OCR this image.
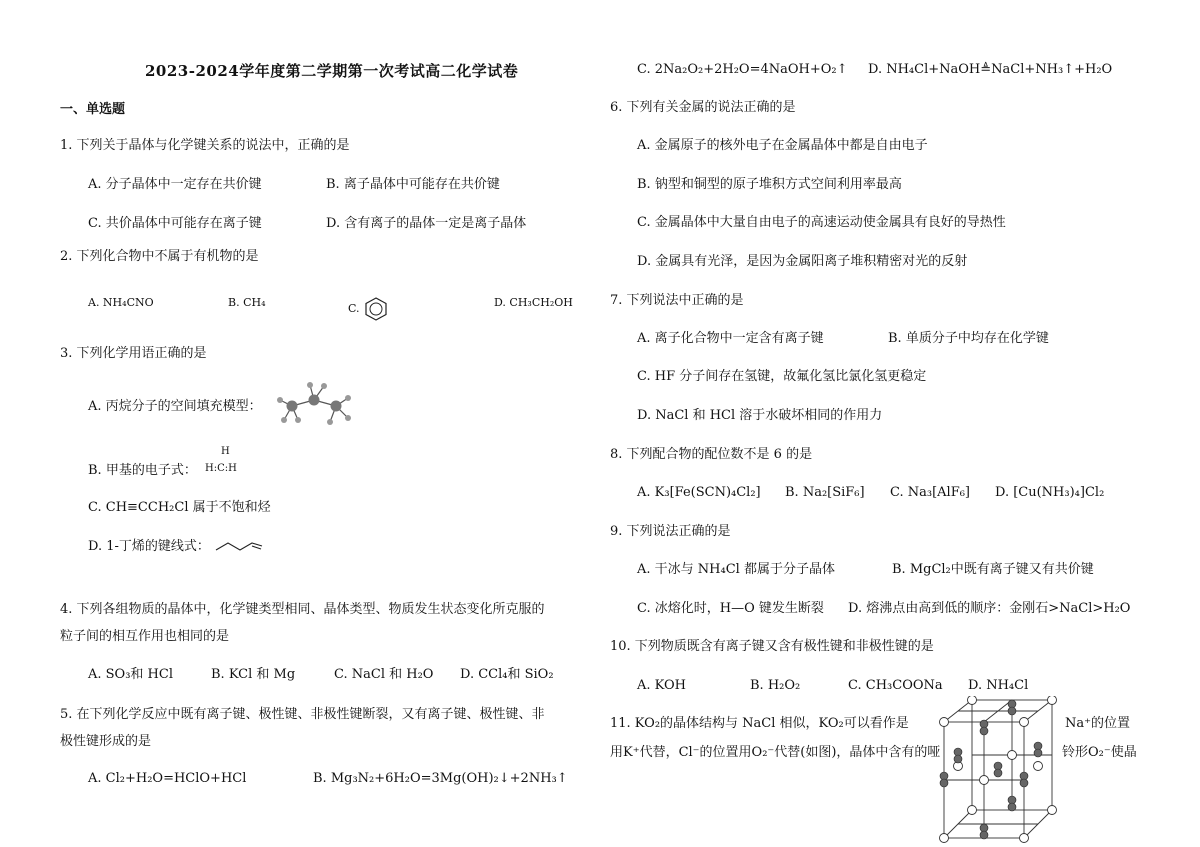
2023-2024学年度第二学期第一次考试高二化学试卷
一、单选题
1. 下列关于晶体与化学键关系的说法中，正确的是
A. 分子晶体中一定存在共价键	B. 离子晶体中可能存在共价键
C. 共价晶体中可能存在离子键	D. 含有离子的晶体一定是离子晶体
2. 下列化合物中不属于有机物的是
A. NH₄CNO	B. CH₄	C.	D. CH₃CH₂OH
3. 下列化学用语正确的是
A. 丙烷分子的空间填充模型：
B. 甲基的电子式：
H
H:C:H
C. CH≡CCH₂Cl 属于不饱和烃
D. 1-丁烯的键线式：
4. 下列各组物质的晶体中，化学键类型相同、晶体类型、物质发生状态变化所克服的
粒子间的相互作用也相同的是
A. SO₃和 HCl	B. KCl 和 Mg	C. NaCl 和 H₂O D. CCl₄和 SiO₂
5. 在下列化学反应中既有离子键、极性键、非极性键断裂，又有离子键、极性键、非
极性键形成的是
A. Cl₂+H₂O=HClO+HCl	B. Mg₃N₂+6H₂O=3Mg(OH)₂↓+2NH₃↑
C. 2Na₂O₂+2H₂O=4NaOH+O₂↑ D. NH₄Cl+NaOH≜NaCl+NH₃↑+H₂O
6. 下列有关金属的说法正确的是
A. 金属原子的核外电子在金属晶体中都是自由电子
B. 钠型和铜型的原子堆积方式空间利用率最高
C. 金属晶体中大量自由电子的高速运动使金属具有良好的导热性
D. 金属具有光泽，是因为金属阳离子堆积精密对光的反射
7. 下列说法中正确的是
A. 离子化合物中一定含有离子键	B. 单质分子中均存在化学键
C. HF 分子间存在氢键，故氟化氢比氯化氢更稳定
D. NaCl 和 HCl 溶于水破坏相同的作用力
8. 下列配合物的配位数不是 6 的是
A. K₃[Fe(SCN)₄Cl₂] B. Na₂[SiF₆] C. Na₃[AlF₆] D. [Cu(NH₃)₄]Cl₂
9. 下列说法正确的是
A. 干冰与 NH₄Cl 都属于分子晶体	B. MgCl₂中既有离子键又有共价键
C. 冰熔化时，H—O 键发生断裂 D. 熔沸点由高到低的顺序：金刚石>NaCl>H₂O
10. 下列物质既含有离子键又含有极性键和非极性键的是
A. KOH	B. H₂O₂	C. CH₃COONa D. NH₄Cl
11. KO₂的晶体结构与 NaCl 相似，KO₂可以看作是	Na⁺的位置
用K⁺代替，Cl⁻的位置用O₂⁻代替(如图)，晶体中含有的哑	铃形O₂⁻使晶
